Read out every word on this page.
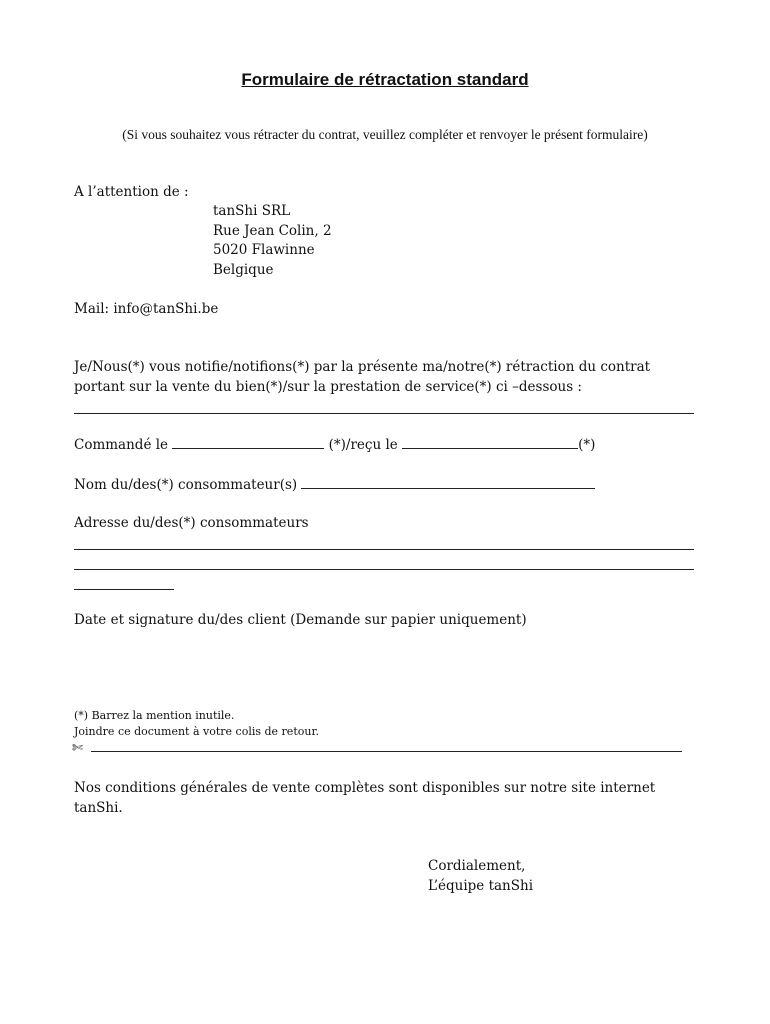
Formulaire de rétractation standard
(Si vous souhaitez vous rétracter du contrat, veuillez compléter et renvoyer le présent formulaire)
A l’attention de :
tanShi SRL
Rue Jean Colin, 2
5020 Flawinne
Belgique
Mail: info@tanShi.be
Je/Nous(*) vous notifie/notifions(*) par la présente ma/notre(*) rétraction du contrat
portant sur la vente du bien(*)/sur la prestation de service(*) ci –dessous :
Commandé le	(*)/reçu le	(*)
Nom du/des(*) consommateur(s)
Adresse du/des(*) consommateurs
Date et signature du/des client (Demande sur papier uniquement)
(*) Barrez la mention inutile.
Joindre ce document à votre colis de retour.
✄
Nos conditions générales de vente complètes sont disponibles sur notre site internet
tanShi.
Cordialement,
L’équipe tanShi
